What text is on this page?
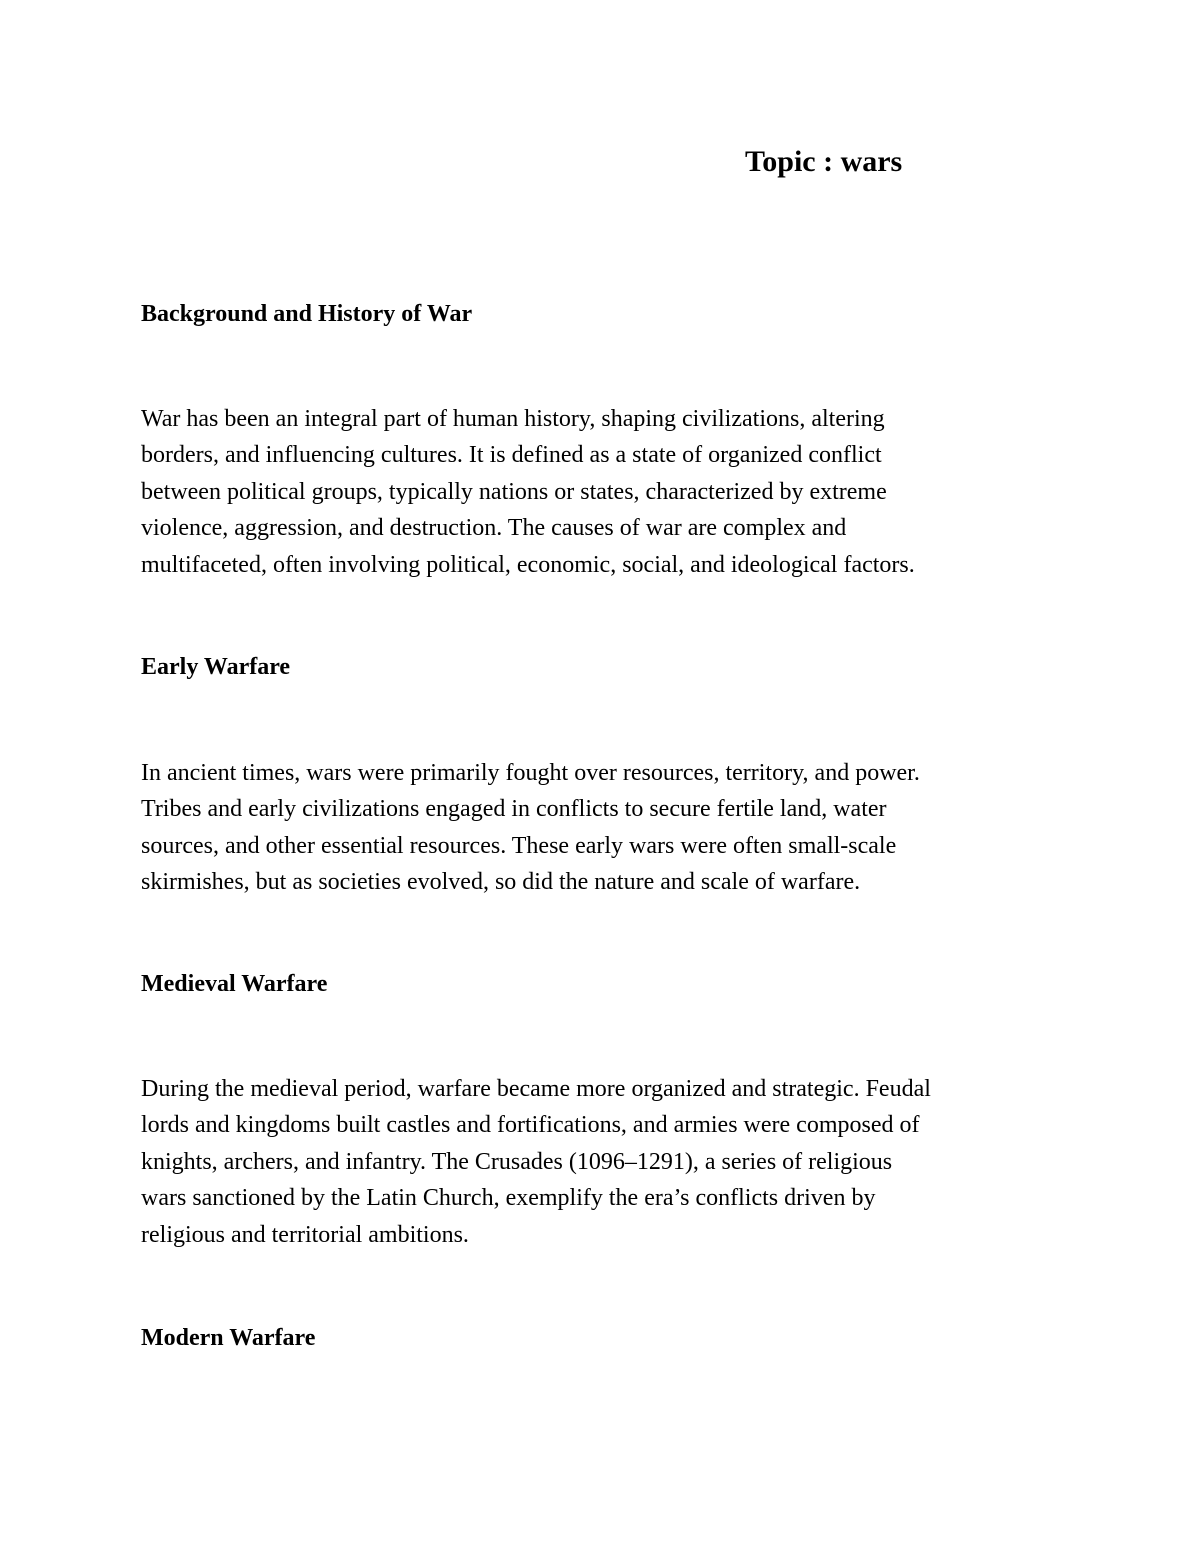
Topic : wars
Background and History of War

War has been an integral part of human history, shaping civilizations, altering
borders, and influencing cultures. It is defined as a state of organized conflict
between political groups, typically nations or states, characterized by extreme
violence, aggression, and destruction. The causes of war are complex and
multifaceted, often involving political, economic, social, and ideological factors.

Early Warfare

In ancient times, wars were primarily fought over resources, territory, and power.
Tribes and early civilizations engaged in conflicts to secure fertile land, water
sources, and other essential resources. These early wars were often small-scale
skirmishes, but as societies evolved, so did the nature and scale of warfare.

Medieval Warfare

During the medieval period, warfare became more organized and strategic. Feudal
lords and kingdoms built castles and fortifications, and armies were composed of
knights, archers, and infantry. The Crusades (1096–1291), a series of religious
wars sanctioned by the Latin Church, exemplify the era’s conflicts driven by
religious and territorial ambitions.

Modern Warfare
